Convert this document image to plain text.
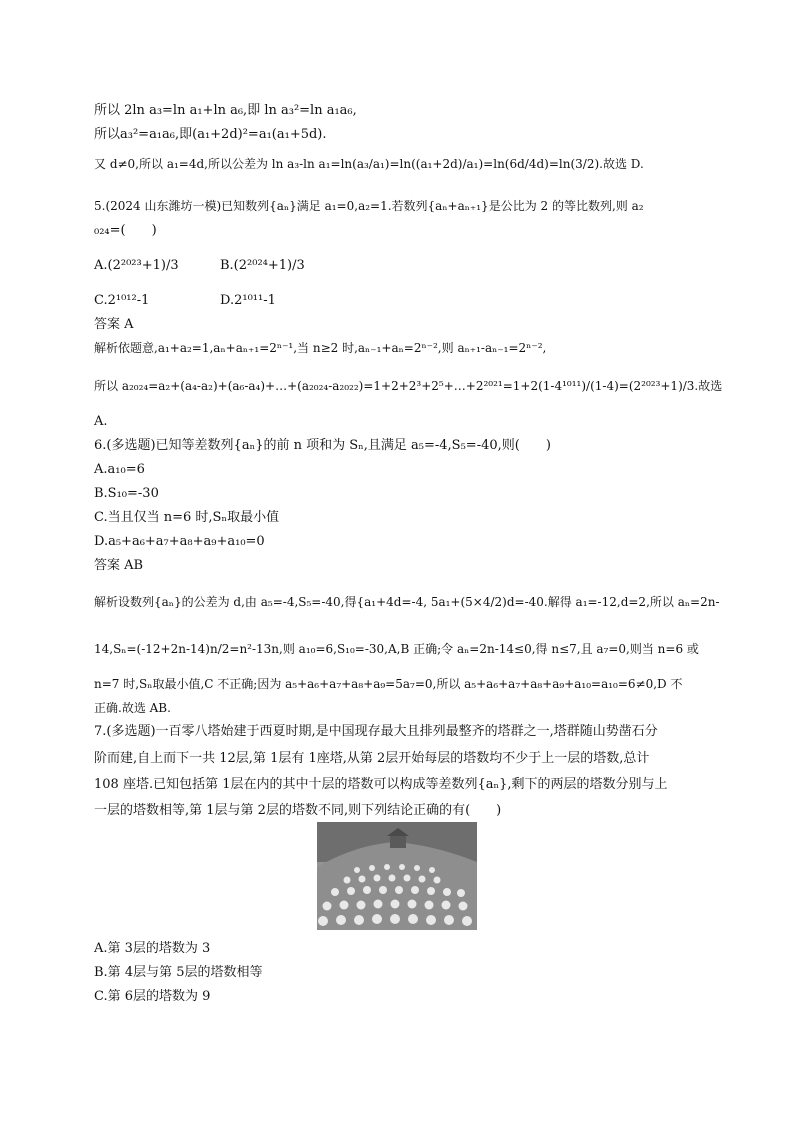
所以 2ln a₃=ln a₁+ln a₆,即 ln a₃²=ln a₁a₆,
所以a₃²=a₁a₆,即(a₁+2d)²=a₁(a₁+5d).
又 d≠0,所以 a₁=4d,所以公差为 ln a₃-ln a₁=ln(a₃/a₁)=ln((a₁+2d)/a₁)=ln(6d/4d)=ln(3/2).故选 D.
5.(2024 山东潍坊一模)已知数列{aₙ}满足 a₁=0,a₂=1.若数列{aₙ+aₙ₊₁}是公比为 2 的等比数列,则 a₂
₀₂₄=(　　)
A.(2²⁰²³+1)/3	B.(2²⁰²⁴+1)/3
C.2¹⁰¹²-1	D.2¹⁰¹¹-1
答案 A
解析依题意,a₁+a₂=1,aₙ+aₙ₊₁=2ⁿ⁻¹,当 n≥2 时,aₙ₋₁+aₙ=2ⁿ⁻²,则 aₙ₊₁-aₙ₋₁=2ⁿ⁻²,
所以 a₂₀₂₄=a₂+(a₄-a₂)+(a₆-a₄)+…+(a₂₀₂₄-a₂₀₂₂)=1+2+2³+2⁵+…+2²⁰²¹=1+2(1-4¹⁰¹¹)/(1-4)=(2²⁰²³+1)/3.故选
A.
6.(多选题)已知等差数列{aₙ}的前 n 项和为 Sₙ,且满足 a₅=-4,S₅=-40,则(　　)
A.a₁₀=6
B.S₁₀=-30
C.当且仅当 n=6 时,Sₙ取最小值
D.a₅+a₆+a₇+a₈+a₉+a₁₀=0
答案 AB
解析设数列{aₙ}的公差为 d,由 a₅=-4,S₅=-40,得{a₁+4d=-4, 5a₁+(5×4/2)d=-40.解得 a₁=-12,d=2,所以 aₙ=2n-
14,Sₙ=(-12+2n-14)n/2=n²-13n,则 a₁₀=6,S₁₀=-30,A,B 正确;令 aₙ=2n-14≤0,得 n≤7,且 a₇=0,则当 n=6 或
n=7 时,Sₙ取最小值,C 不正确;因为 a₅+a₆+a₇+a₈+a₉=5a₇=0,所以 a₅+a₆+a₇+a₈+a₉+a₁₀=a₁₀=6≠0,D 不
正确.故选 AB.
7.(多选题)一百零八塔始建于西夏时期,是中国现存最大且排列最整齐的塔群之一,塔群随山势凿石分
阶而建,自上而下一共 12层,第 1层有 1座塔,从第 2层开始每层的塔数均不少于上一层的塔数,总计
108 座塔.已知包括第 1层在内的其中十层的塔数可以构成等差数列{aₙ},剩下的两层的塔数分别与上
一层的塔数相等,第 1层与第 2层的塔数不同,则下列结论正确的有(　　)
A.第 3层的塔数为 3
B.第 4层与第 5层的塔数相等
C.第 6层的塔数为 9
